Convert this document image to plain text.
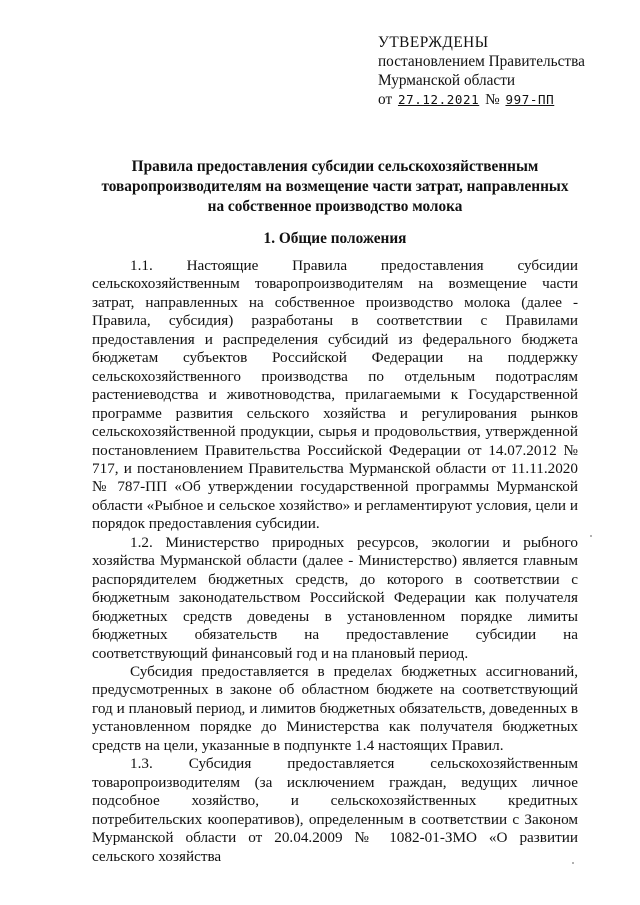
УТВЕРЖДЕНЫ
постановлением Правительства
Мурманской области
от 27.12.2021 № 997-ПП
Правила предоставления субсидии сельскохозяйственным товаропроизводителям на возмещение части затрат, направленных на собственное производство молока
1. Общие положения

1.1. Настоящие Правила предоставления субсидии сельскохозяйственным товаропроизводителям на возмещение части затрат, направленных на собственное производство молока (далее - Правила, субсидия) разработаны в соответствии с Правилами предоставления и распределения субсидий из федерального бюджета бюджетам субъектов Российской Федерации на поддержку сельскохозяйственного производства по отдельным подотраслям растениеводства и животноводства, прилагаемыми к Государственной программе развития сельского хозяйства и регулирования рынков сельскохозяйственной продукции, сырья и продовольствия, утвержденной постановлением Правительства Российской Федерации от 14.07.2012 № 717, и постановлением Правительства Мурманской области от 11.11.2020 № 787-ПП «Об утверждении государственной программы Мурманской области «Рыбное и сельское хозяйство» и регламентируют условия, цели и порядок предоставления субсидии.

1.2. Министерство природных ресурсов, экологии и рыбного хозяйства Мурманской области (далее - Министерство) является главным распорядителем бюджетных средств, до которого в соответствии с бюджетным законодательством Российской Федерации как получателя бюджетных средств доведены в установленном порядке лимиты бюджетных обязательств на предоставление субсидии на соответствующий финансовый год и на плановый период.

Субсидия предоставляется в пределах бюджетных ассигнований, предусмотренных в законе об областном бюджете на соответствующий год и плановый период, и лимитов бюджетных обязательств, доведенных в установленном порядке до Министерства как получателя бюджетных средств на цели, указанные в подпункте 1.4 настоящих Правил.

1.3. Субсидия предоставляется сельскохозяйственным товаропроизводителям (за исключением граждан, ведущих личное подсобное хозяйство, и сельскохозяйственных кредитных потребительских кооперативов), определенным в соответствии с Законом Мурманской области от 20.04.2009 № 1082-01-ЗМО «О развитии сельского хозяйства
